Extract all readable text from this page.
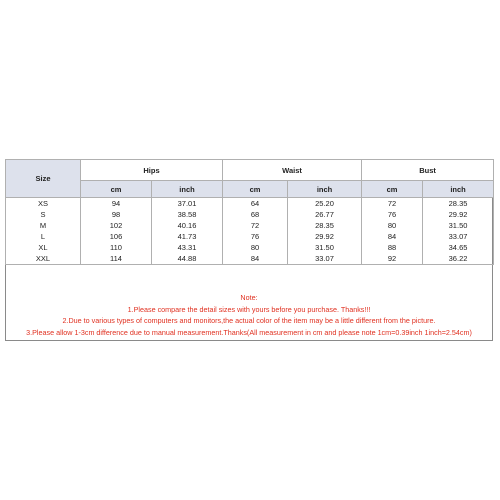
Size	Hips		Waist		Bust	
	cm	inch	cm	inch	cm	inch
XS	94	37.01	64	25.20	72	28.35
S	98	38.58	68	26.77	76	29.92
M	102	40.16	72	28.35	80	31.50
L	106	41.73	76	29.92	84	33.07
XL	110	43.31	80	31.50	88	34.65
XXL	114	44.88	84	33.07	92	36.22
Note:
1.Please compare the detail sizes with yours before you purchase. Thanks!!!
2.Due to various types of computers and monitors,the actual color of the item may be a little different from the picture.
3.Please allow 1-3cm difference due to manual measurement.Thanks(All measurement in cm and please note 1cm=0.39inch 1inch=2.54cm)
